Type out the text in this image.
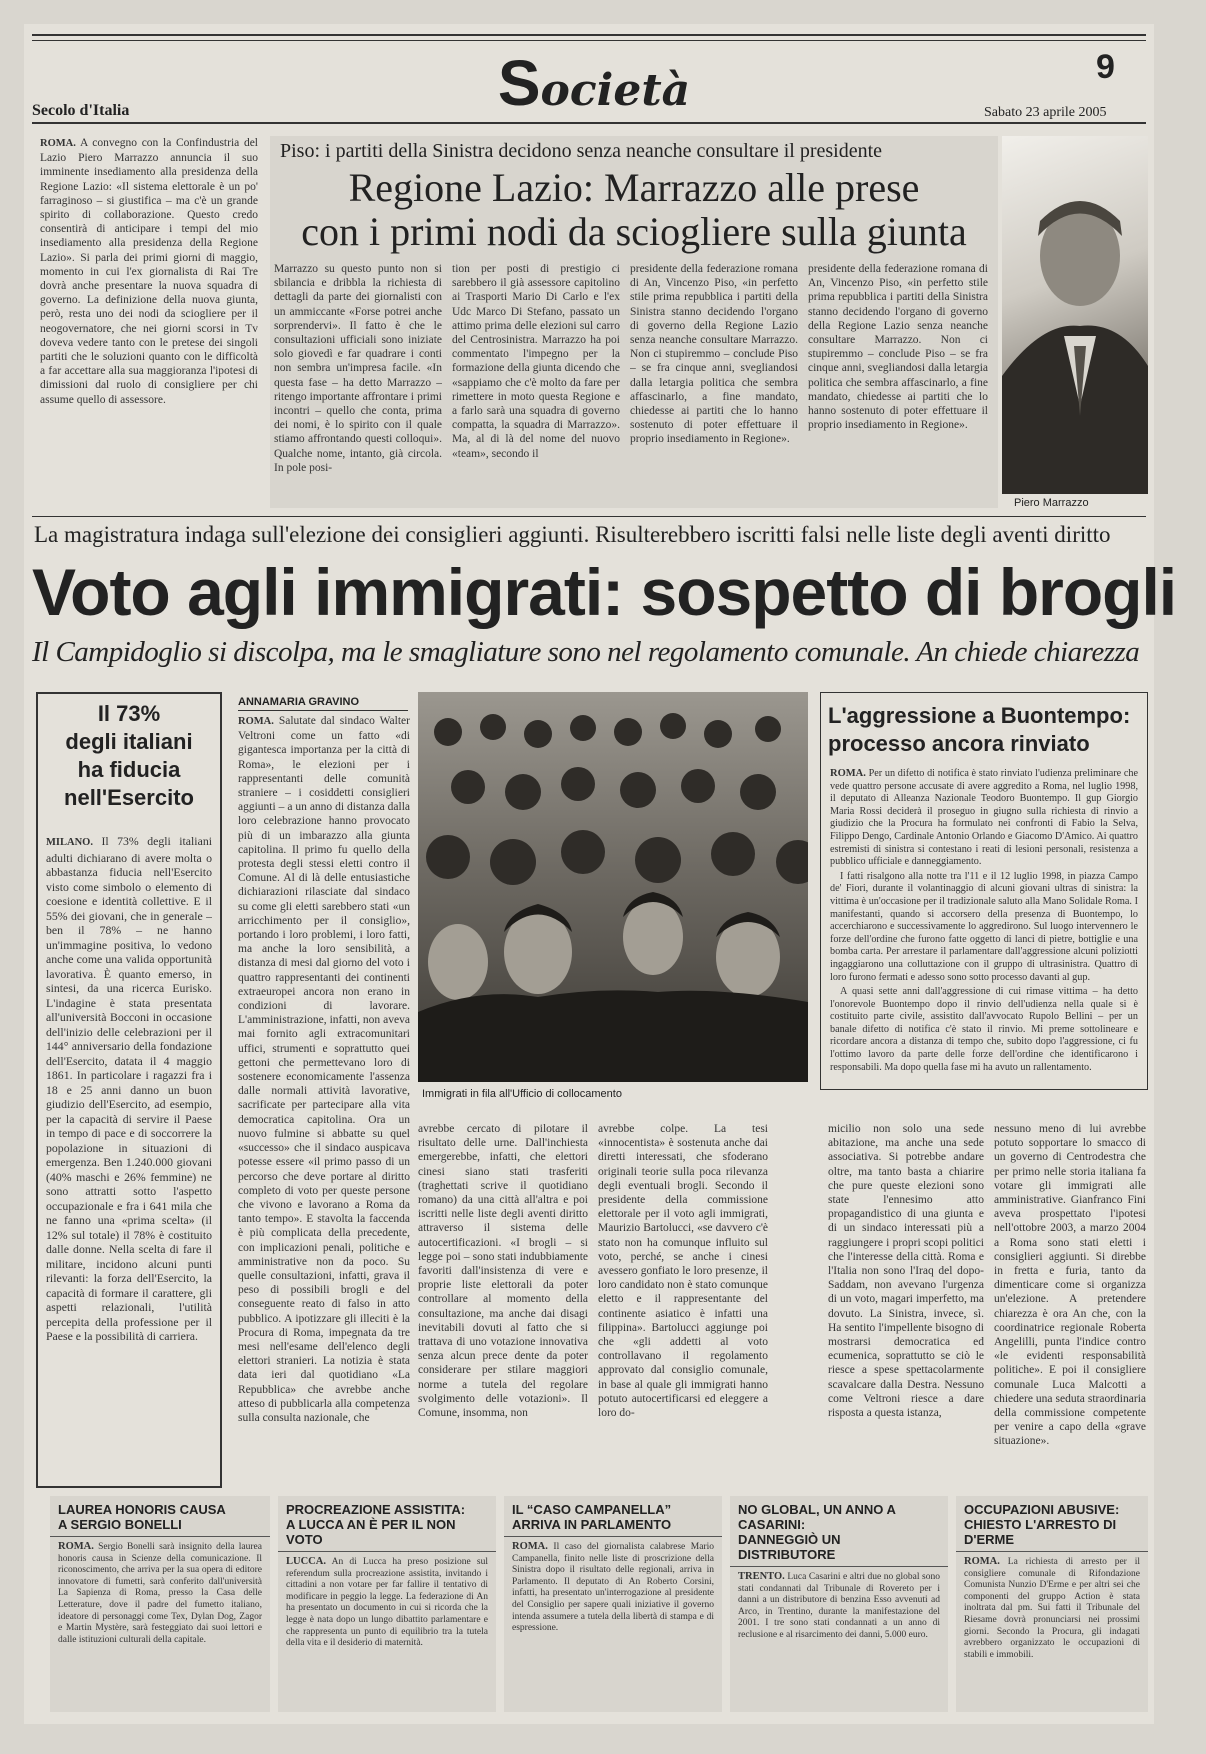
Società	9
Secolo d'Italia	Sabato 23 aprile 2005

ROMA. A convegno con la Confindustria del Lazio Piero Marrazzo annuncia il suo imminente insediamento alla presidenza della Regione Lazio: «Il sistema elettorale è un po' farraginoso – si giustifica – ma c'è un grande spirito di collaborazione. Questo credo consentirà di anticipare i tempi del mio insediamento alla presidenza della Regione Lazio». Si parla dei primi giorni di maggio, momento in cui l'ex giornalista di Rai Tre dovrà anche presentare la nuova squadra di governo. La definizione della nuova giunta, però, resta uno dei nodi da sciogliere per il neogovernatore, che nei giorni scorsi in Tv doveva vedere tanto con le pretese dei singoli partiti che le soluzioni quanto con le difficoltà a far accettare alla sua maggioranza l'ipotesi di dimissioni dal ruolo di consigliere per chi assume quello di assessore.

Piso: i partiti della Sinistra decidono senza neanche consultare il presidente
Regione Lazio: Marrazzo alle prese
con i primi nodi da sciogliere sulla giunta

Marrazzo su questo punto non si sbilancia e dribbla la richiesta di dettagli da parte dei giornalisti con un ammiccante «Forse potrei anche sorprendervi». Il fatto è che le consultazioni ufficiali sono iniziate solo giovedì e far quadrare i conti non sembra un'impresa facile. «In questa fase – ha detto Marrazzo – ritengo importante affrontare i primi incontri – quello che conta, prima dei nomi, è lo spirito con il quale stiamo affrontando questi colloqui». Qualche nome, intanto, già circola. In pole posi-

tion per posti di prestigio ci sarebbero il già assessore capitolino ai Trasporti Mario Di Carlo e l'ex Udc Marco Di Stefano, passato un attimo prima delle elezioni sul carro del Centrosinistra. Marrazzo ha poi commentato l'impegno per la formazione della giunta dicendo che «sappiamo che c'è molto da fare per rimettere in moto questa Regione e a farlo sarà una squadra di governo compatta, la squadra di Marrazzo». Ma, al di là del nome del nuovo «team», secondo il

presidente della federazione romana di An, Vincenzo Piso, «in perfetto stile prima repubblica i partiti della Sinistra stanno decidendo l'organo di governo della Regione Lazio senza neanche consultare Marrazzo. Non ci stupiremmo – conclude Piso – se fra cinque anni, svegliandosi dalla letargia politica che sembra affascinarlo, a fine mandato, chiedesse ai partiti che lo hanno sostenuto di poter effettuare il proprio insediamento in Regione».

presidente della federazione romana di An, Vincenzo Piso, «in perfetto stile prima repubblica i partiti della Sinistra stanno decidendo l'organo di governo della Regione Lazio senza neanche consultare Marrazzo. Non ci stupiremmo – conclude Piso – se fra cinque anni, svegliandosi dalla letargia politica che sembra affascinarlo, a fine mandato, chiedesse ai partiti che lo hanno sostenuto di poter effettuare il proprio insediamento in Regione».

Piero Marrazzo
La magistratura indaga sull'elezione dei consiglieri aggiunti. Risulterebbero iscritti falsi nelle liste degli aventi diritto
Voto agli immigrati: sospetto di brogli
Il Campidoglio si discolpa, ma le smagliature sono nel regolamento comunale. An chiede chiarezza
Il 73%
degli italiani
ha fiducia
nell'Esercito

MILANO. Il 73% degli italiani adulti dichiarano di avere molta o abbastanza fiducia nell'Esercito visto come simbolo o elemento di coesione e identità collettive. E il 55% dei giovani, che in generale – ben il 78% – ne hanno un'immagine positiva, lo vedono anche come una valida opportunità lavorativa. È quanto emerso, in sintesi, da una ricerca Eurisko. L'indagine è stata presentata all'università Bocconi in occasione dell'inizio delle celebrazioni per il 144° anniversario della fondazione dell'Esercito, datata il 4 maggio 1861. In particolare i ragazzi fra i 18 e 25 anni danno un buon giudizio dell'Esercito, ad esempio, per la capacità di servire il Paese in tempo di pace e di soccorrere la popolazione in situazioni di emergenza. Ben 1.240.000 giovani (40% maschi e 26% femmine) ne sono attratti sotto l'aspetto occupazionale e fra i 641 mila che ne fanno una «prima scelta» (il 12% sul totale) il 78% è costituito dalle donne. Nella scelta di fare il militare, incidono alcuni punti rilevanti: la forza dell'Esercito, la capacità di formare il carattere, gli aspetti relazionali, l'utilità percepita della professione per il Paese e la possibilità di carriera.

ANNAMARIA GRAVINO

ROMA. Salutate dal sindaco Walter Veltroni come un fatto «di gigantesca importanza per la città di Roma», le elezioni per i rappresentanti delle comunità straniere – i cosiddetti consiglieri aggiunti – a un anno di distanza dalla loro celebrazione hanno provocato più di un imbarazzo alla giunta capitolina. Il primo fu quello della protesta degli stessi eletti contro il Comune. Al di là delle entusiastiche dichiarazioni rilasciate dal sindaco su come gli eletti sarebbero stati «un arricchimento per il consiglio», portando i loro problemi, i loro fatti, ma anche la loro sensibilità, a distanza di mesi dal giorno del voto i quattro rappresentanti dei continenti extraeuropei ancora non erano in condizioni di lavorare. L'amministrazione, infatti, non aveva mai fornito agli extracomunitari uffici, strumenti e soprattutto quei gettoni che permettevano loro di sostenere economicamente l'assenza dalle normali attività lavorative, sacrificate per partecipare alla vita democratica capitolina. Ora un nuovo fulmine si abbatte su quel «successo» che il sindaco auspicava potesse essere «il primo passo di un percorso che deve portare al diritto completo di voto per queste persone che vivono e lavorano a Roma da tanto tempo». E stavolta la faccenda è più complicata della precedente, con implicazioni penali, politiche e amministrative non da poco. Su quelle consultazioni, infatti, grava il peso di possibili brogli e del conseguente reato di falso in atto pubblico. A ipotizzare gli illeciti è la Procura di Roma, impegnata da tre mesi nell'esame dell'elenco degli elettori stranieri. La notizia è stata data ieri dal quotidiano «La Repubblica» che avrebbe anche atteso di pubblicarla alla competenza sulla consulta nazionale, che

Immigrati in fila all'Ufficio di collocamento
L'aggressione a Buontempo:
processo ancora rinviato

ROMA. Per un difetto di notifica è stato rinviato l'udienza preliminare che vede quattro persone accusate di avere aggredito a Roma, nel luglio 1998, il deputato di Alleanza Nazionale Teodoro Buontempo. Il gup Giorgio Maria Rossi deciderà il proseguo in giugno sulla richiesta di rinvio a giudizio che la Procura ha formulato nei confronti di Fabio la Selva, Filippo Dengo, Cardinale Antonio Orlando e Giacomo D'Amico. Ai quattro estremisti di sinistra si contestano i reati di lesioni personali, resistenza a pubblico ufficiale e danneggiamento.

I fatti risalgono alla notte tra l'11 e il 12 luglio 1998, in piazza Campo de' Fiori, durante il volantinaggio di alcuni giovani ultras di sinistra: la vittima è un'occasione per il tradizionale saluto alla Mano Solidale Roma. I manifestanti, quando si accorsero della presenza di Buontempo, lo accerchiarono e successivamente lo aggredirono. Sul luogo intervennero le forze dell'ordine che furono fatte oggetto di lanci di pietre, bottiglie e una bomba carta. Per arrestare il parlamentare dall'aggressione alcuni poliziotti ingaggiarono una colluttazione con il gruppo di ultrasinistra. Quattro di loro furono fermati e adesso sono sotto processo davanti al gup.

A quasi sette anni dall'aggressione di cui rimase vittima – ha detto l'onorevole Buontempo dopo il rinvio dell'udienza nella quale si è costituito parte civile, assistito dall'avvocato Rupolo Bellini – per un banale difetto di notifica c'è stato il rinvio. Mi preme sottolineare e ricordare ancora a distanza di tempo che, subito dopo l'aggressione, ci fu l'ottimo lavoro da parte delle forze dell'ordine che identificarono i responsabili. Ma dopo quella fase mi ha avuto un rallentamento.

avrebbe cercato di pilotare il risultato delle urne. Dall'inchiesta emergerebbe, infatti, che elettori cinesi siano stati trasferiti (traghettati scrive il quotidiano romano) da una città all'altra e poi iscritti nelle liste degli aventi diritto attraverso il sistema delle autocertificazioni. «I brogli – si legge poi – sono stati indubbiamente favoriti dall'insistenza di vere e proprie liste elettorali da poter controllare al momento della consultazione, ma anche dai disagi inevitabili dovuti al fatto che si trattava di uno votazione innovativa senza alcun prece dente da poter considerare per stilare maggiori norme a tutela del regolare svolgimento delle votazioni». Il Comune, insomma, non

avrebbe colpe. La tesi «innocentista» è sostenuta anche dai diretti interessati, che sfoderano originali teorie sulla poca rilevanza degli eventuali brogli. Secondo il presidente della commissione elettorale per il voto agli immigrati, Maurizio Bartolucci, «se davvero c'è stato non ha comunque influito sul voto, perché, se anche i cinesi avessero gonfiato le loro presenze, il loro candidato non è stato comunque eletto e il rappresentante del continente asiatico è infatti una filippina». Bartolucci aggiunge poi che «gli addetti al voto controllavano il regolamento approvato dal consiglio comunale, in base al quale gli immigrati hanno potuto autocertificarsi ed eleggere a loro do-

micilio non solo una sede abitazione, ma anche una sede associativa. Si potrebbe andare oltre, ma tanto basta a chiarire che pure queste elezioni sono state l'ennesimo atto propagandistico di una giunta e di un sindaco interessati più a raggiungere i propri scopi politici che l'interesse della città. Roma e l'Italia non sono l'Iraq del dopo-Saddam, non avevano l'urgenza di un voto, magari imperfetto, ma dovuto. La Sinistra, invece, sì. Ha sentito l'impellente bisogno di mostrarsi democratica ed ecumenica, soprattutto se ciò le riesce a spese spettacolarmente scavalcare dalla Destra. Nessuno come Veltroni riesce a dare risposta a questa istanza,

nessuno meno di lui avrebbe potuto sopportare lo smacco di un governo di Centrodestra che per primo nelle storia italiana fa votare gli immigrati alle amministrative. Gianfranco Fini aveva prospettato l'ipotesi nell'ottobre 2003, a marzo 2004 a Roma sono stati eletti i consiglieri aggiunti. Si direbbe in fretta e furia, tanto da dimenticare come si organizza un'elezione. A pretendere chiarezza è ora An che, con la coordinatrice regionale Roberta Angelilli, punta l'indice contro «le evidenti responsabilità politiche». E poi il consigliere comunale Luca Malcotti a chiedere una seduta straordinaria della commissione competente per venire a capo della «grave situazione».

LAUREA HONORIS CAUSA
A SERGIO BONELLI
ROMA. Sergio Bonelli sarà insignito della laurea honoris causa in Scienze della comunicazione. Il riconoscimento, che arriva per la sua opera di editore innovatore di fumetti, sarà conferito dall'università La Sapienza di Roma, presso la Casa delle Letterature, dove il padre del fumetto italiano, ideatore di personaggi come Tex, Dylan Dog, Zagor e Martin Mystère, sarà festeggiato dai suoi lettori e dalle istituzioni culturali della capitale.
PROCREAZIONE ASSISTITA:
A LUCCA AN È PER IL NON VOTO
LUCCA. An di Lucca ha preso posizione sul referendum sulla procreazione assistita, invitando i cittadini a non votare per far fallire il tentativo di modificare in peggio la legge. La federazione di An ha presentato un documento in cui si ricorda che la legge è nata dopo un lungo dibattito parlamentare e che rappresenta un punto di equilibrio tra la tutela della vita e il desiderio di maternità.
IL “CASO CAMPANELLA”
ARRIVA IN PARLAMENTO
ROMA. Il caso del giornalista calabrese Mario Campanella, finito nelle liste di proscrizione della Sinistra dopo il risultato delle regionali, arriva in Parlamento. Il deputato di An Roberto Corsini, infatti, ha presentato un'interrogazione al presidente del Consiglio per sapere quali iniziative il governo intenda assumere a tutela della libertà di stampa e di espressione.
NO GLOBAL, UN ANNO A CASARINI:
DANNEGGIÒ UN DISTRIBUTORE
TRENTO. Luca Casarini e altri due no global sono stati condannati dal Tribunale di Rovereto per i danni a un distributore di benzina Esso avvenuti ad Arco, in Trentino, durante la manifestazione del 2001. I tre sono stati condannati a un anno di reclusione e al risarcimento dei danni, 5.000 euro.
OCCUPAZIONI ABUSIVE:
CHIESTO L'ARRESTO DI D'ERME
ROMA. La richiesta di arresto per il consigliere comunale di Rifondazione Comunista Nunzio D'Erme e per altri sei che componenti del gruppo Action è stata inoltrata dal pm. Sui fatti il Tribunale del Riesame dovrà pronunciarsi nei prossimi giorni. Secondo la Procura, gli indagati avrebbero organizzato le occupazioni di stabili e immobili.
